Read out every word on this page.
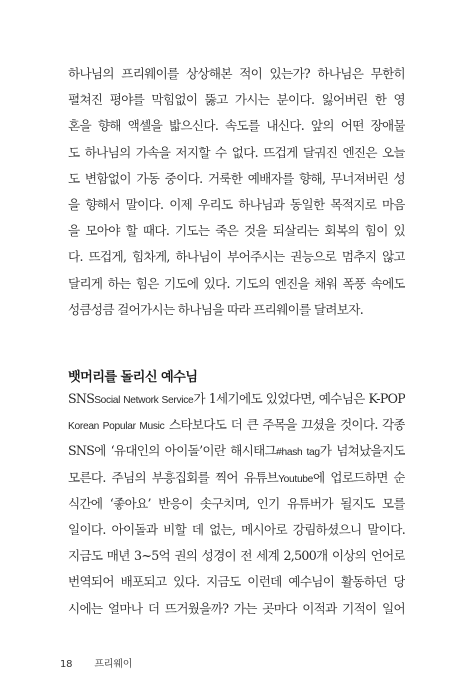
하나님의 프리웨이를 상상해본 적이 있는가? 하나님은 무한히
펼쳐진 평야를 막힘없이 뚫고 가시는 분이다. 잃어버린 한 영
혼을 향해 액셀을 밟으신다. 속도를 내신다. 앞의 어떤 장애물
도 하나님의 가속을 저지할 수 없다. 뜨겁게 달궈진 엔진은 오늘
도 변함없이 가동 중이다. 거룩한 예배자를 향해, 무너져버린 성
을 향해서 말이다. 이제 우리도 하나님과 동일한 목적지로 마음
을 모아야 할 때다. 기도는 죽은 것을 되살리는 회복의 힘이 있
다. 뜨겁게, 힘차게, 하나님이 부어주시는 권능으로 멈추지 않고
달리게 하는 힘은 기도에 있다. 기도의 엔진을 채워 폭풍 속에도
성큼성큼 걸어가시는 하나님을 따라 프리웨이를 달려보자.
뱃머리를 돌리신 예수님
SNSSocial Network Service가 1세기에도 있었다면, 예수님은 K-POP
Korean Popular Music 스타보다도 더 큰 주목을 끄셨을 것이다. 각종
SNS에 ‘유대인의 아이돌’이란 해시태그#hash tag가 넘쳐났을지도
모른다. 주님의 부흥집회를 찍어 유튜브Youtube에 업로드하면 순
식간에 ‘좋아요’ 반응이 솟구치며, 인기 유튜버가 될지도 모를
일이다. 아이돌과 비할 데 없는, 메시아로 강림하셨으니 말이다.
지금도 매년 3~5억 권의 성경이 전 세계 2,500개 이상의 언어로
번역되어 배포되고 있다. 지금도 이런데 예수님이 활동하던 당
시에는 얼마나 더 뜨거웠을까? 가는 곳마다 이적과 기적이 일어
18 프리웨이
